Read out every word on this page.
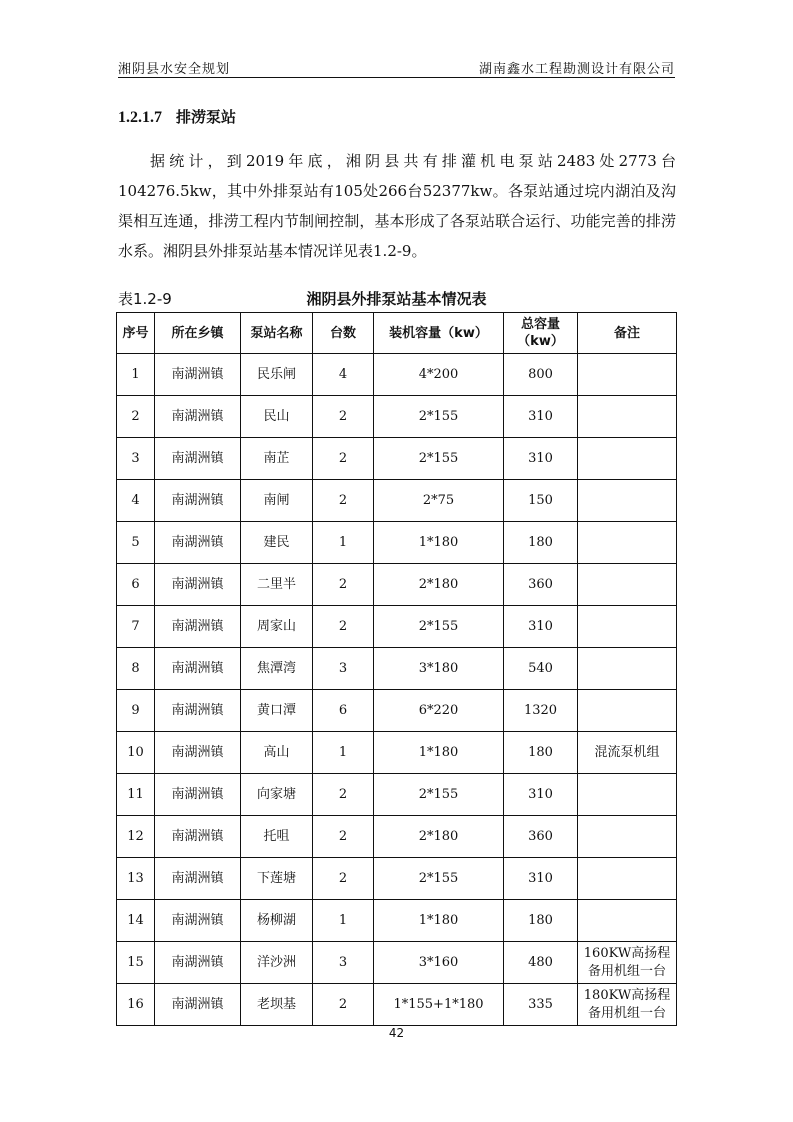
湘阴县水安全规划	湖南鑫水工程勘测设计有限公司
1.2.1.7 排涝泵站

据统计，到2019年底，湘阴县共有排灌机电泵站2483处2773台104276.5kw，其中外排泵站有105处266台52377kw。各泵站通过垸内湖泊及沟渠相互连通，排涝工程内节制闸控制，基本形成了各泵站联合运行、功能完善的排涝水系。湘阴县外排泵站基本情况详见表1.2-9。

表1.2-9	湘阴县外排泵站基本情况表
序号	所在乡镇	泵站名称	台数	装机容量（kw）	总容量（kw）	备注
1	南湖洲镇	民乐闸	4	4*200	800	
2	南湖洲镇	民山	2	2*155	310	
3	南湖洲镇	南芷	2	2*155	310	
4	南湖洲镇	南闸	2	2*75	150	
5	南湖洲镇	建民	1	1*180	180	
6	南湖洲镇	二里半	2	2*180	360	
7	南湖洲镇	周家山	2	2*155	310	
8	南湖洲镇	焦潭湾	3	3*180	540	
9	南湖洲镇	黄口潭	6	6*220	1320	
10	南湖洲镇	高山	1	1*180	180	混流泵机组
11	南湖洲镇	向家塘	2	2*155	310	
12	南湖洲镇	托咀	2	2*180	360	
13	南湖洲镇	下莲塘	2	2*155	310	
14	南湖洲镇	杨柳湖	1	1*180	180	
15	南湖洲镇	洋沙洲	3	3*160	480	160KW高扬程备用机组一台
16	南湖洲镇	老坝基	2	1*155+1*180	335	180KW高扬程备用机组一台
42
